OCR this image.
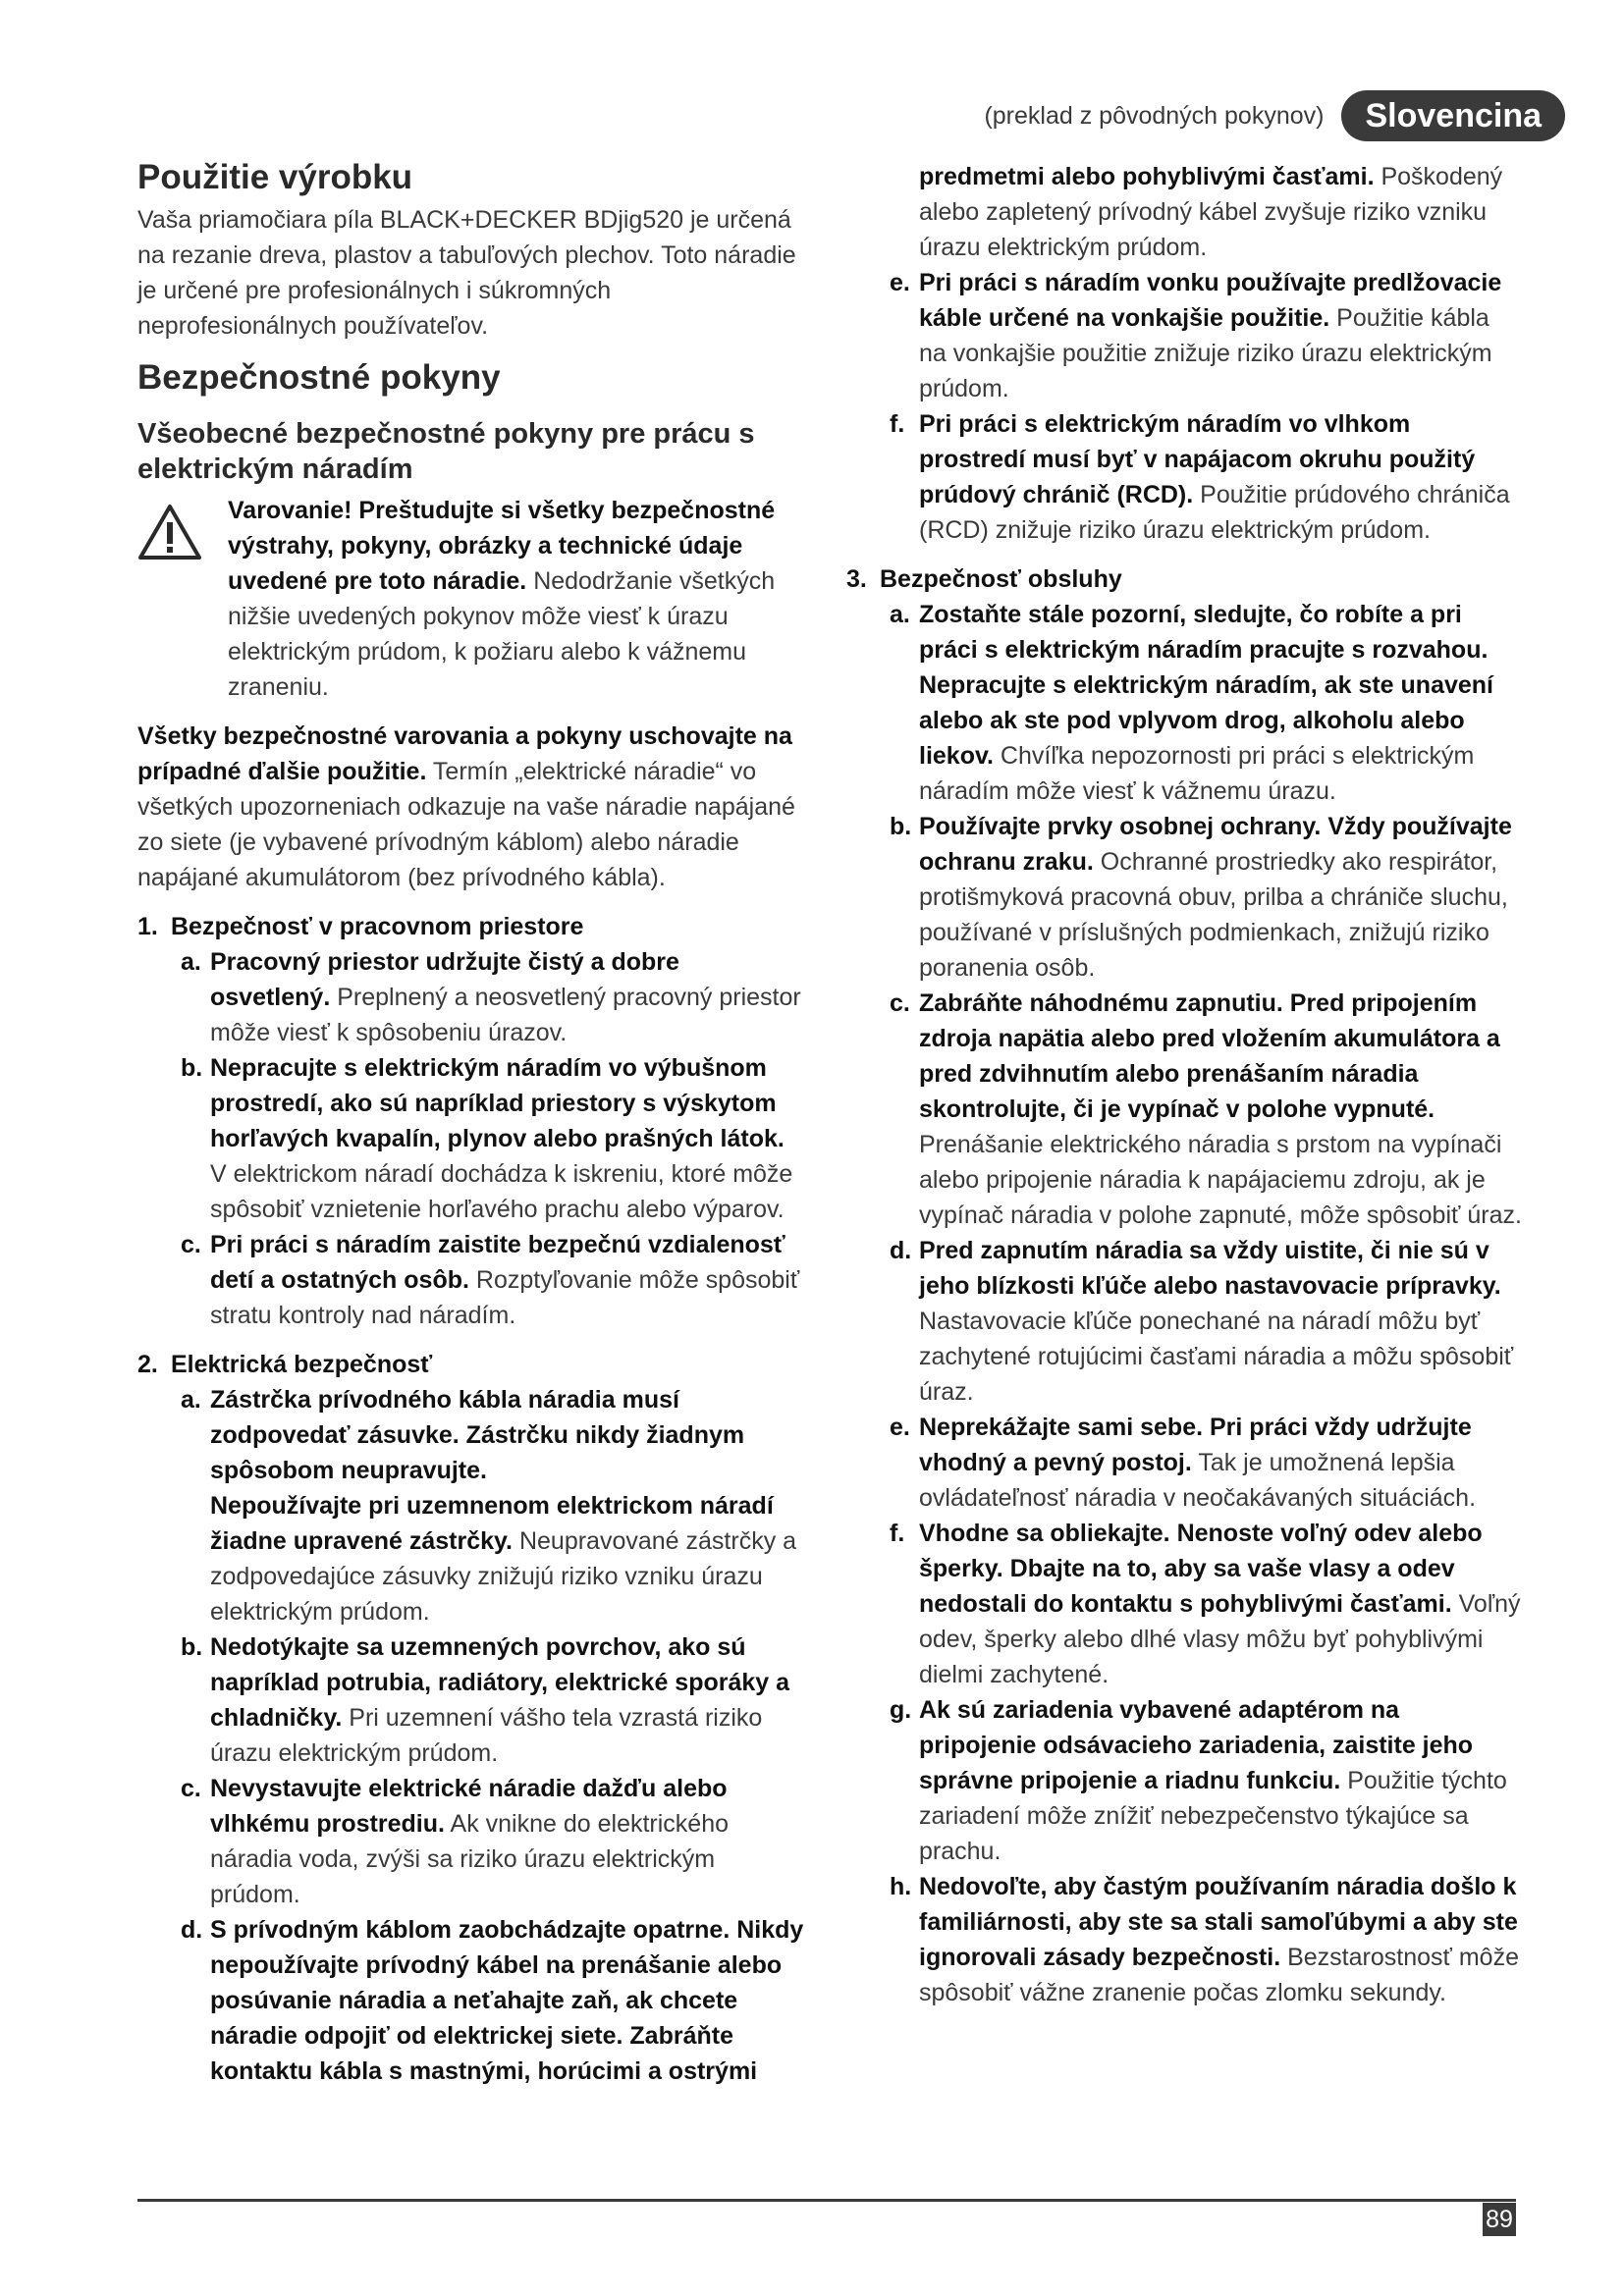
(preklad z pôvodných pokynov)	Slovencina
Použitie výrobku

Vaša priamočiara píla BLACK+DECKER BDjig520 je určená na rezanie dreva, plastov a tabuľových plechov. Toto náradie je určené pre profesionálnych i súkromných neprofesionálnych používateľov.

Bezpečnostné pokyny
Všeobecné bezpečnostné pokyny pre prácu s elektrickým náradím

Varovanie! Preštudujte si všetky bezpečnostné výstrahy, pokyny, obrázky a technické údaje uvedené pre toto náradie. Nedodržanie všetkých nižšie uvedených pokynov môže viesť k úrazu elektrickým prúdom, k požiaru alebo k vážnemu zraneniu.

Všetky bezpečnostné varovania a pokyny uschovajte na prípadné ďalšie použitie. Termín „elektrické náradie“ vo všetkých upozorneniach odkazuje na vaše náradie napájané zo siete (je vybavené prívodným káblom) alebo náradie napájané akumulátorom (bez prívodného kábla).

1. Bezpečnosť v pracovnom priestore
a. Pracovný priestor udržujte čistý a dobre osvetlený. Preplnený a neosvetlený pracovný priestor môže viesť k spôsobeniu úrazov.
b. Nepracujte s elektrickým náradím vo výbušnom prostredí, ako sú napríklad priestory s výskytom horľavých kvapalín, plynov alebo prašných látok. V elektrickom náradí dochádza k iskreniu, ktoré môže spôsobiť vznietenie horľavého prachu alebo výparov.
c. Pri práci s náradím zaistite bezpečnú vzdialenosť detí a ostatných osôb. Rozptyľovanie môže spôsobiť stratu kontroly nad náradím.
2. Elektrická bezpečnosť
a. Zástrčka prívodného kábla náradia musí zodpovedať zásuvke. Zástrčku nikdy žiadnym spôsobom neupravujte.
Nepoužívajte pri uzemnenom elektrickom náradí žiadne upravené zástrčky. Neupravované zástrčky a zodpovedajúce zásuvky znižujú riziko vzniku úrazu elektrickým prúdom.
b. Nedotýkajte sa uzemnených povrchov, ako sú napríklad potrubia, radiátory, elektrické sporáky a chladničky. Pri uzemnení vášho tela vzrastá riziko úrazu elektrickým prúdom.
c. Nevystavujte elektrické náradie dažďu alebo vlhkému prostrediu. Ak vnikne do elektrického náradia voda, zvýši sa riziko úrazu elektrickým prúdom.
d. S prívodným káblom zaobchádzajte opatrne. Nikdy nepoužívajte prívodný kábel na prenášanie alebo posúvanie náradia a neťahajte zaň, ak chcete náradie odpojiť od elektrickej siete. Zabráňte kontaktu kábla s mastnými, horúcimi a ostrými
predmetmi alebo pohyblivými časťami. Poškodený alebo zapletený prívodný kábel zvyšuje riziko vzniku úrazu elektrickým prúdom.
e. Pri práci s náradím vonku používajte predlžovacie káble určené na vonkajšie použitie. Použitie kábla na vonkajšie použitie znižuje riziko úrazu elektrickým prúdom.
f. Pri práci s elektrickým náradím vo vlhkom prostredí musí byť v napájacom okruhu použitý prúdový chránič (RCD). Použitie prúdového chrániča (RCD) znižuje riziko úrazu elektrickým prúdom.
3. Bezpečnosť obsluhy
a. Zostaňte stále pozorní, sledujte, čo robíte a pri práci s elektrickým náradím pracujte s rozvahou.
Nepracujte s elektrickým náradím, ak ste unavení alebo ak ste pod vplyvom drog, alkoholu alebo liekov. Chvíľka nepozornosti pri práci s elektrickým náradím môže viesť k vážnemu úrazu.
b. Používajte prvky osobnej ochrany. Vždy používajte ochranu zraku. Ochranné prostriedky ako respirátor, protišmyková pracovná obuv, prilba a chrániče sluchu, používané v príslušných podmienkach, znižujú riziko poranenia osôb.
c. Zabráňte náhodnému zapnutiu. Pred pripojením zdroja napätia alebo pred vložením akumulátora a pred zdvihnutím alebo prenášaním náradia skontrolujte, či je vypínač v polohe vypnuté. Prenášanie elektrického náradia s prstom na vypínači alebo pripojenie náradia k napájaciemu zdroju, ak je vypínač náradia v polohe zapnuté, môže spôsobiť úraz.
d. Pred zapnutím náradia sa vždy uistite, či nie sú v jeho blízkosti kľúče alebo nastavovacie prípravky. Nastavovacie kľúče ponechané na náradí môžu byť zachytené rotujúcimi časťami náradia a môžu spôsobiť úraz.
e. Neprekážajte sami sebe. Pri práci vždy udržujte vhodný a pevný postoj. Tak je umožnená lepšia ovládateľnosť náradia v neočakávaných situáciách.
f. Vhodne sa obliekajte. Nenoste voľný odev alebo šperky. Dbajte na to, aby sa vaše vlasy a odev nedostali do kontaktu s pohyblivými časťami. Voľný odev, šperky alebo dlhé vlasy môžu byť pohyblivými dielmi zachytené.
g. Ak sú zariadenia vybavené adaptérom na pripojenie odsávacieho zariadenia, zaistite jeho správne pripojenie a riadnu funkciu. Použitie týchto zariadení môže znížiť nebezpečenstvo týkajúce sa prachu.
h. Nedovoľte, aby častým používaním náradia došlo k familiárnosti, aby ste sa stali samoľúbymi a aby ste ignorovali zásady bezpečnosti. Bezstarostnosť môže spôsobiť vážne zranenie počas zlomku sekundy.
89
